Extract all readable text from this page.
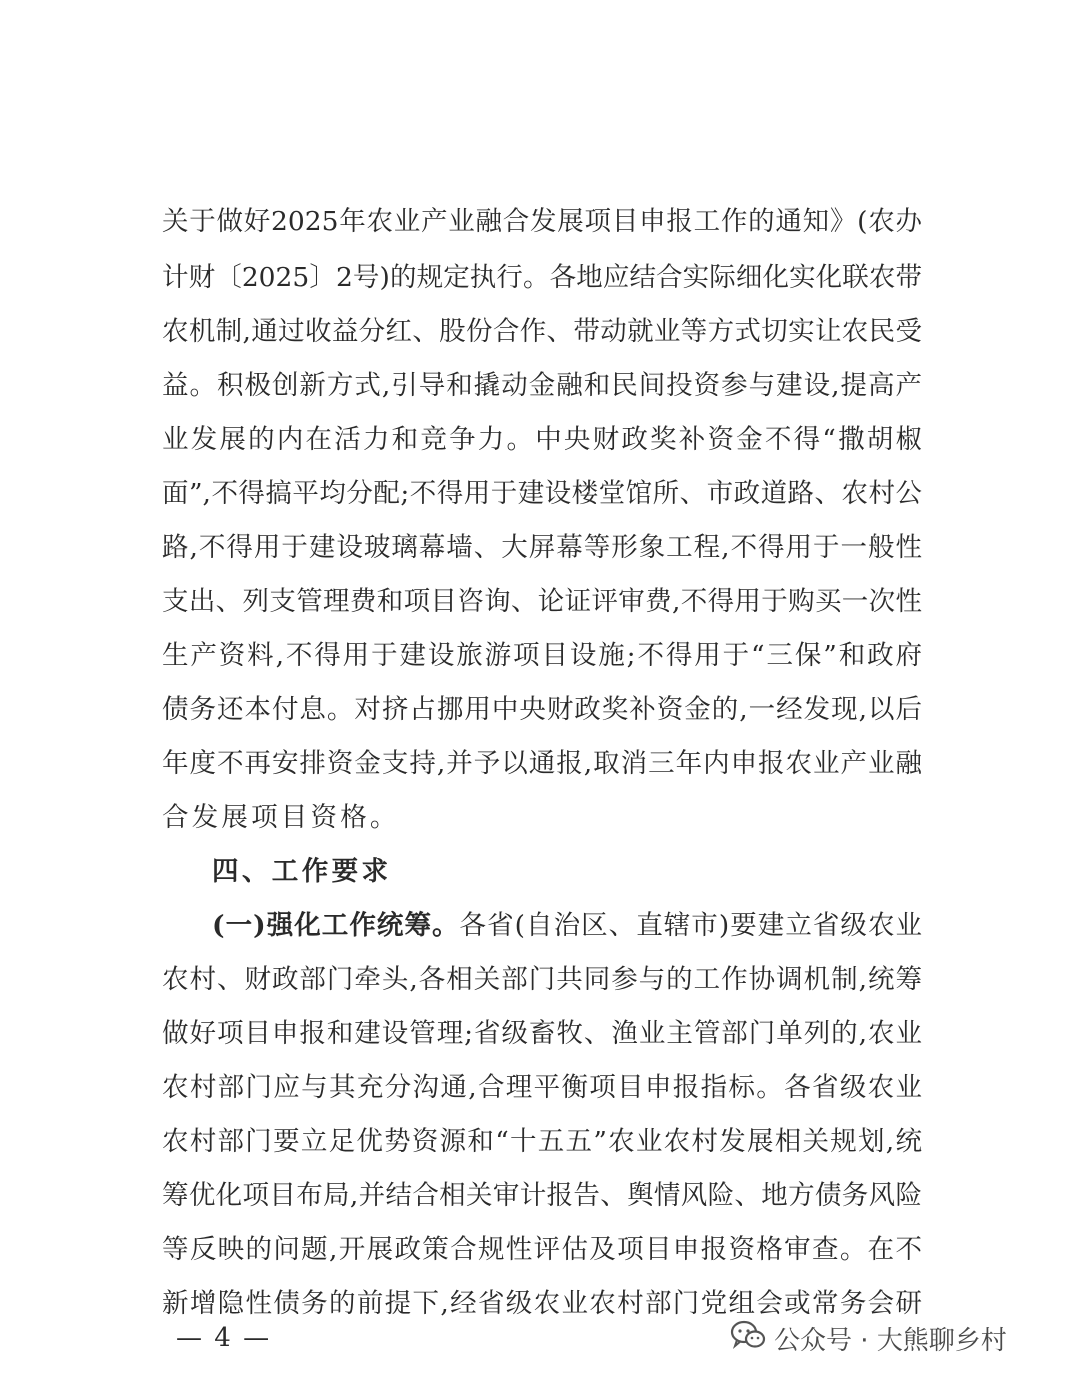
关于做好2025年农业产业融合发展项目申报工作的通知》(农办
计财〔2025〕2号)的规定执行。各地应结合实际细化实化联农带
农机制,通过收益分红、股份合作、带动就业等方式切实让农民受
益。积极创新方式,引导和撬动金融和民间投资参与建设,提高产
业发展的内在活力和竞争力。中央财政奖补资金不得“撒胡椒
面”,不得搞平均分配;不得用于建设楼堂馆所、市政道路、农村公
路,不得用于建设玻璃幕墙、大屏幕等形象工程,不得用于一般性
支出、列支管理费和项目咨询、论证评审费,不得用于购买一次性
生产资料,不得用于建设旅游项目设施;不得用于“三保”和政府
债务还本付息。对挤占挪用中央财政奖补资金的,一经发现,以后
年度不再安排资金支持,并予以通报,取消三年内申报农业产业融
合发展项目资格。
四、工作要求
(一)强化工作统筹。各省(自治区、直辖市)要建立省级农业
农村、财政部门牵头,各相关部门共同参与的工作协调机制,统筹
做好项目申报和建设管理;省级畜牧、渔业主管部门单列的,农业
农村部门应与其充分沟通,合理平衡项目申报指标。各省级农业
农村部门要立足优势资源和“十五五”农业农村发展相关规划,统
筹优化项目布局,并结合相关审计报告、舆情风险、地方债务风险
等反映的问题,开展政策合规性评估及项目申报资格审查。在不
新增隐性债务的前提下,经省级农业农村部门党组会或常务会研
— 4 —	公众号 · 大熊聊乡村
